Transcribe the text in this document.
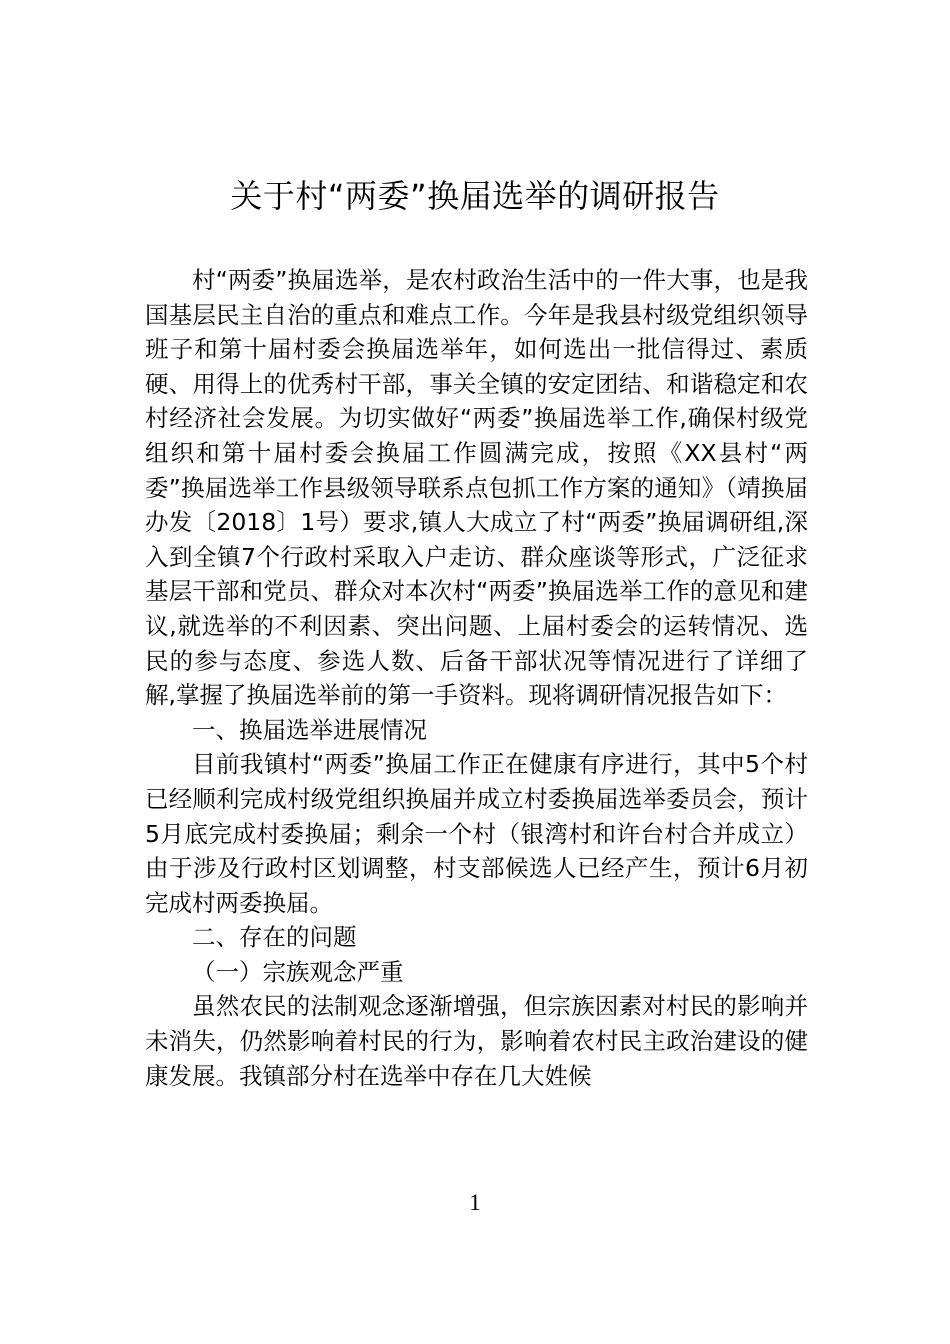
关于村“两委”换届选举的调研报告

村“两委”换届选举，是农村政治生活中的一件大事，也是我国基层民主自治的重点和难点工作。今年是我县村级党组织领导班子和第十届村委会换届选举年，如何选出一批信得过、素质硬、用得上的优秀村干部，事关全镇的安定团结、和谐稳定和农村经济社会发展。为切实做好“两委”换届选举工作,确保村级党组织和第十届村委会换届工作圆满完成，按照《XX县村“两委”换届选举工作县级领导联系点包抓工作方案的通知》（靖换届办发〔2018〕1号）要求,镇人大成立了村“两委”换届调研组,深入到全镇7个行政村采取入户走访、群众座谈等形式，广泛征求基层干部和党员、群众对本次村“两委”换届选举工作的意见和建议,就选举的不利因素、突出问题、上届村委会的运转情况、选民的参与态度、参选人数、后备干部状况等情况进行了详细了解,掌握了换届选举前的第一手资料。现将调研情况报告如下：

一、换届选举进展情况

目前我镇村“两委”换届工作正在健康有序进行，其中5个村已经顺利完成村级党组织换届并成立村委换届选举委员会，预计5月底完成村委换届；剩余一个村（银湾村和许台村合并成立）由于涉及行政村区划调整，村支部候选人已经产生，预计6月初完成村两委换届。

二、存在的问题

（一）宗族观念严重

虽然农民的法制观念逐渐增强，但宗族因素对村民的影响并未消失，仍然影响着村民的行为，影响着农村民主政治建设的健康发展。我镇部分村在选举中存在几大姓候

1
